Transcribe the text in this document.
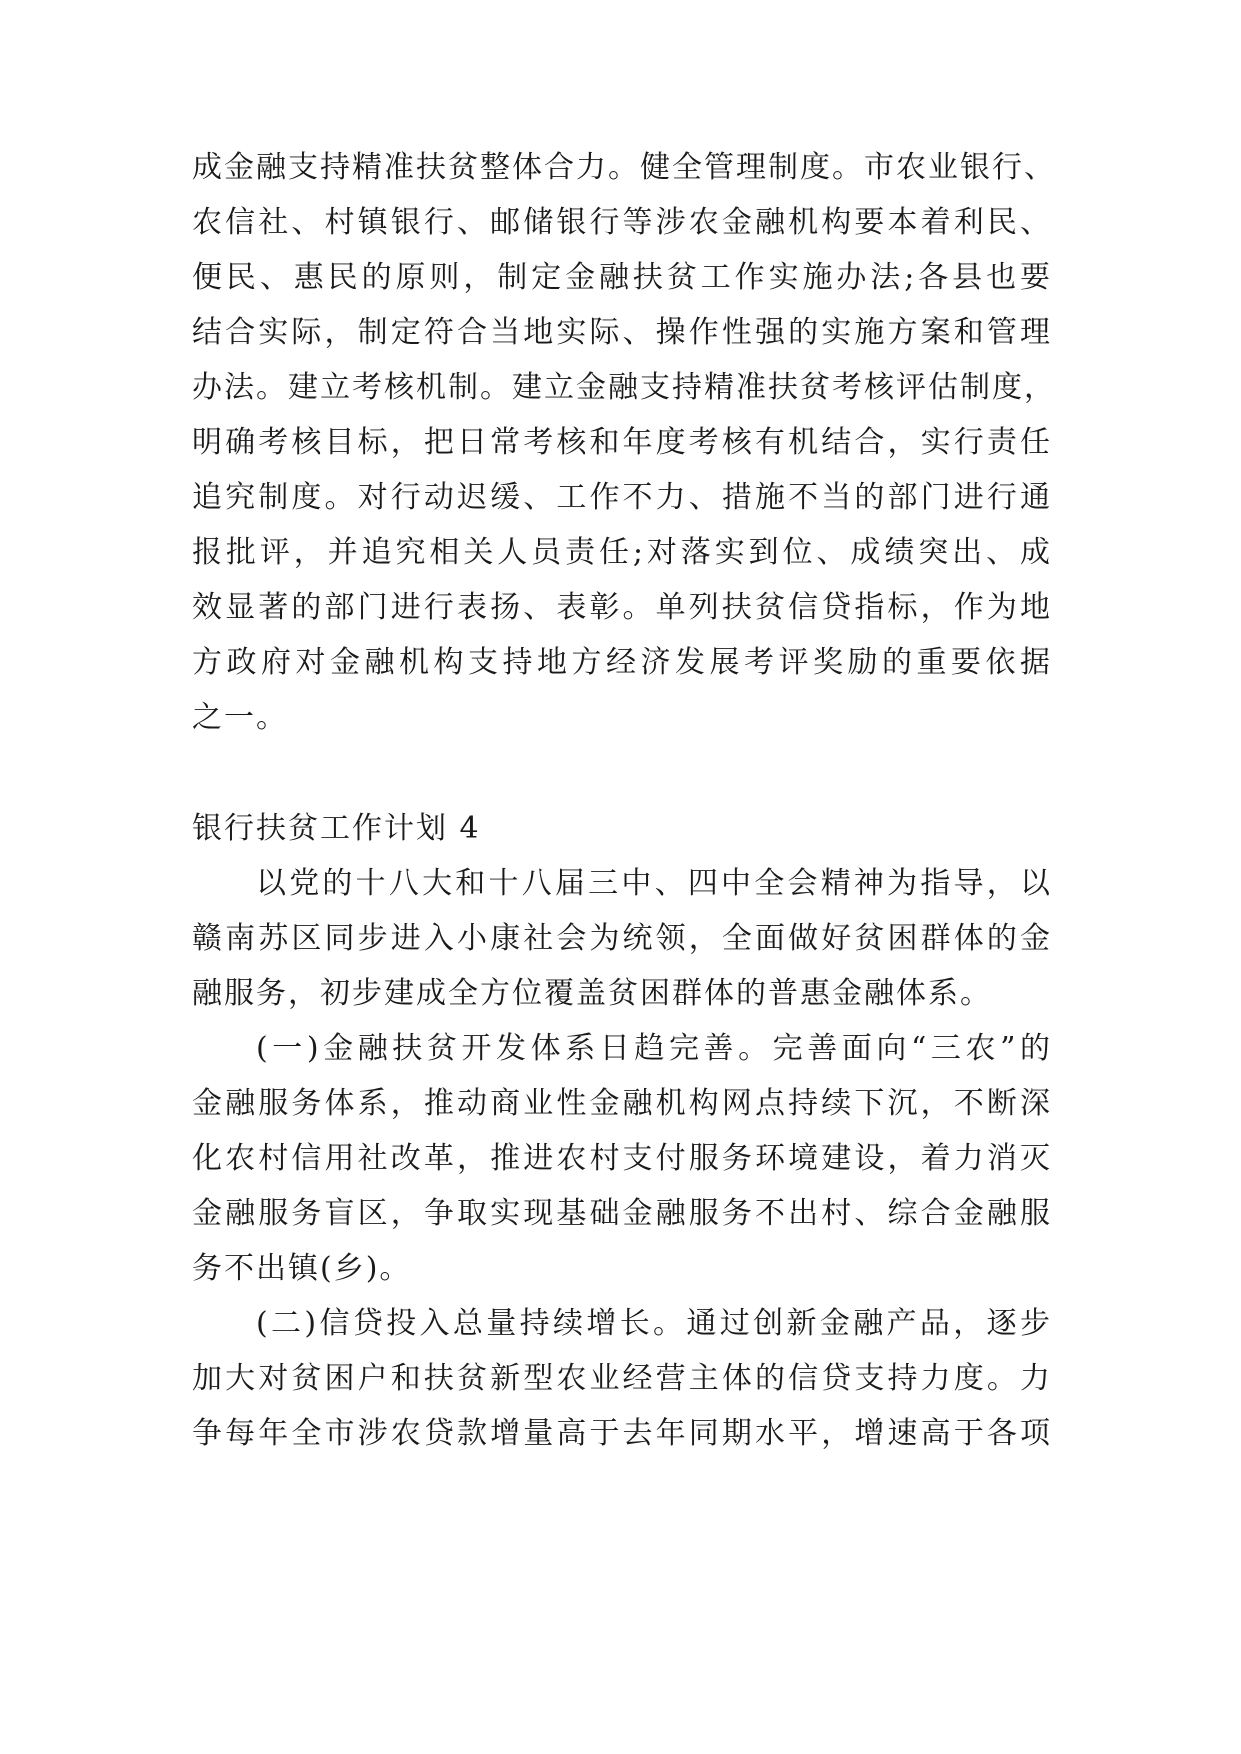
成金融支持精准扶贫整体合力。健全管理制度。市农业银行、
农信社、村镇银行、邮储银行等涉农金融机构要本着利民、
便民、惠民的原则，制定金融扶贫工作实施办法;各县也要
结合实际，制定符合当地实际、操作性强的实施方案和管理
办法。建立考核机制。建立金融支持精准扶贫考核评估制度，
明确考核目标，把日常考核和年度考核有机结合，实行责任
追究制度。对行动迟缓、工作不力、措施不当的部门进行通
报批评，并追究相关人员责任;对落实到位、成绩突出、成
效显著的部门进行表扬、表彰。单列扶贫信贷指标，作为地
方政府对金融机构支持地方经济发展考评奖励的重要依据
之一。
银行扶贫工作计划 4
以党的十八大和十八届三中、四中全会精神为指导，以
赣南苏区同步进入小康社会为统领，全面做好贫困群体的金
融服务，初步建成全方位覆盖贫困群体的普惠金融体系。
(一)金融扶贫开发体系日趋完善。完善面向“三农”的
金融服务体系，推动商业性金融机构网点持续下沉，不断深
化农村信用社改革，推进农村支付服务环境建设，着力消灭
金融服务盲区，争取实现基础金融服务不出村、综合金融服
务不出镇(乡)。
(二)信贷投入总量持续增长。通过创新金融产品，逐步
加大对贫困户和扶贫新型农业经营主体的信贷支持力度。力
争每年全市涉农贷款增量高于去年同期水平，增速高于各项
